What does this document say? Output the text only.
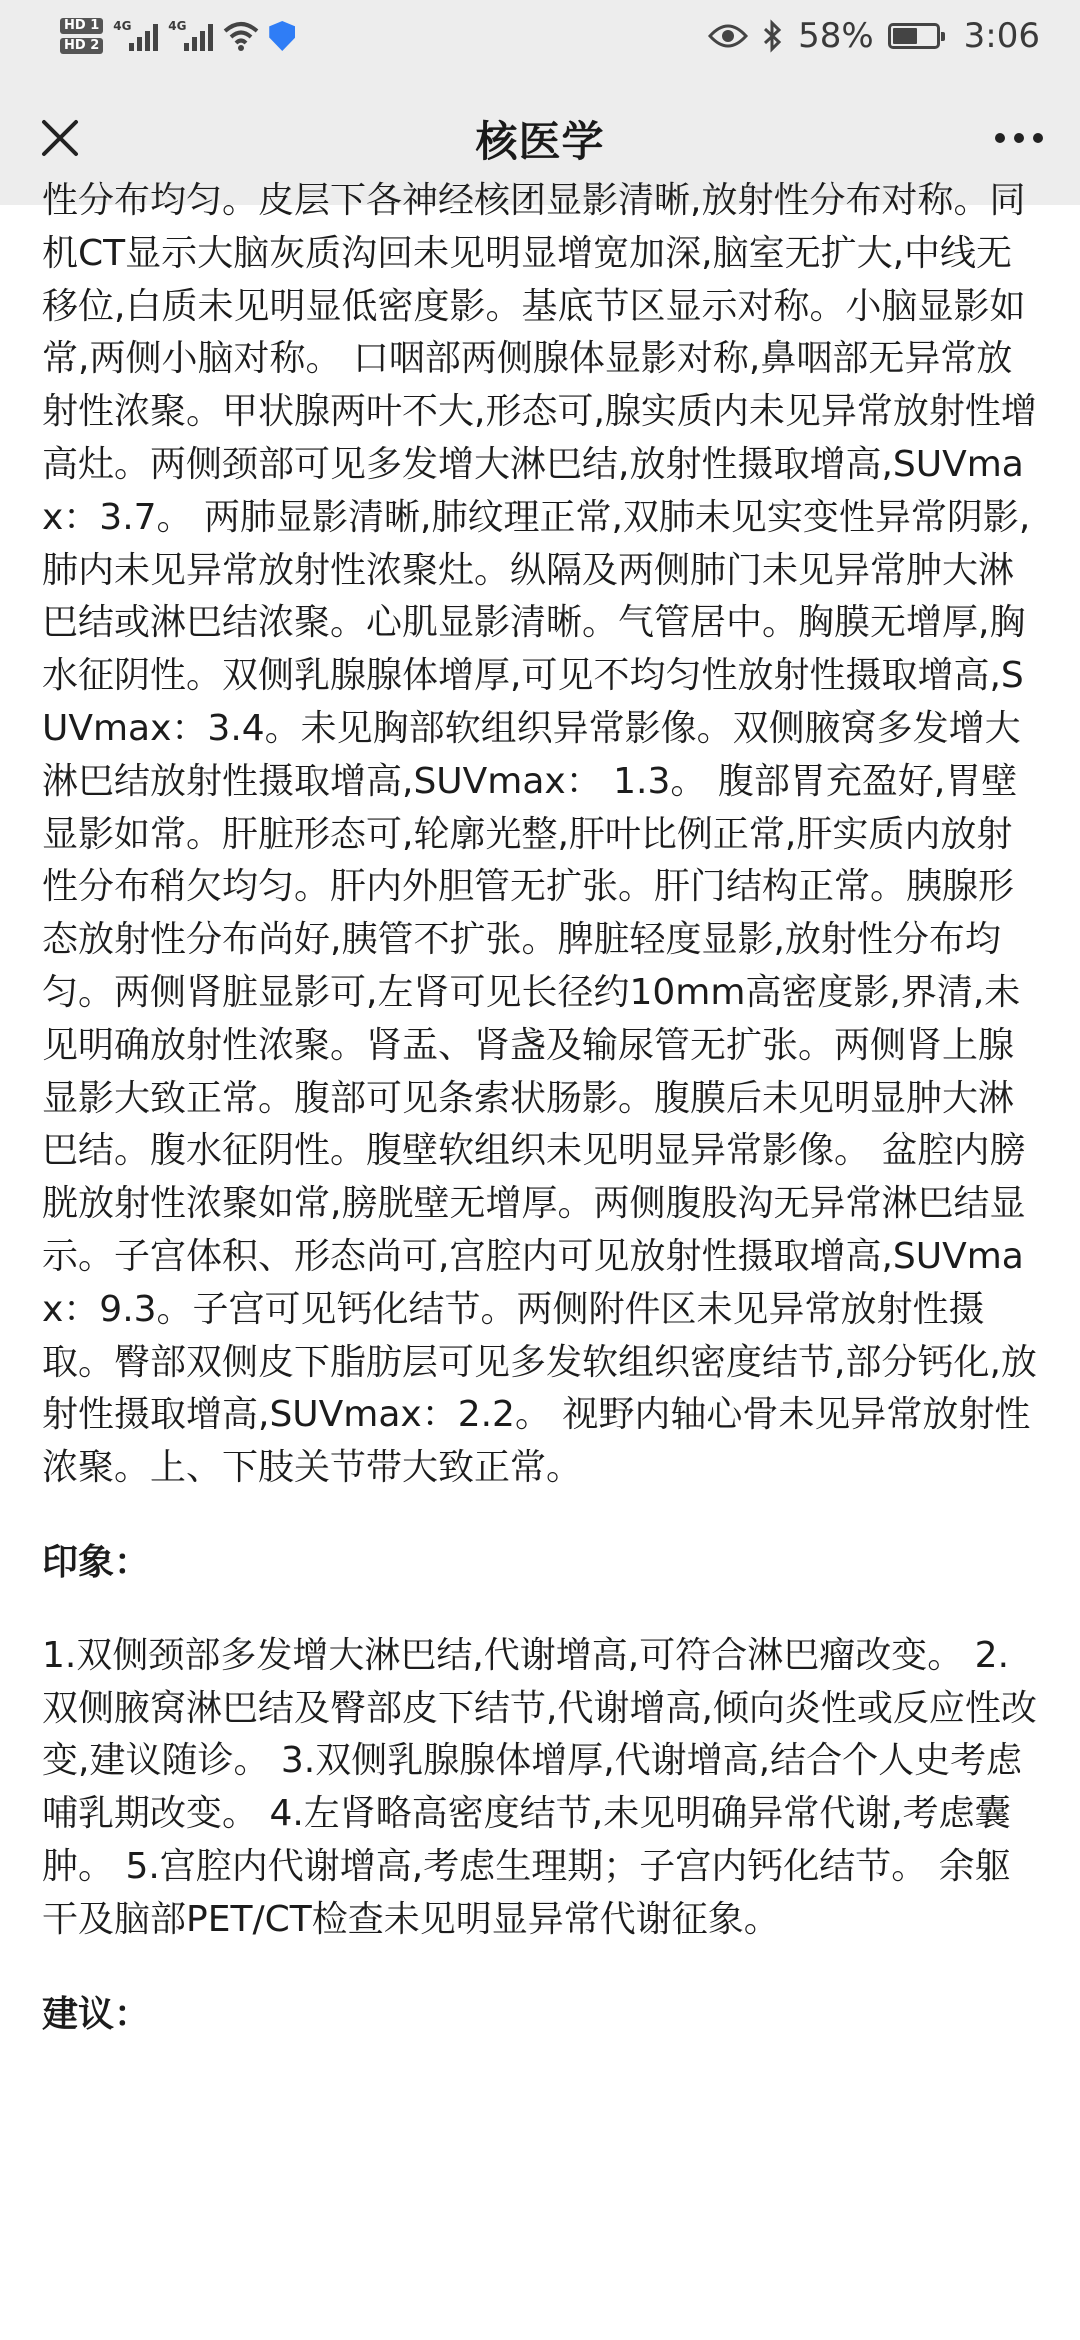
HD 1
HD 2
4G	4G	58%	3:06
核医学

性分布均匀。皮层下各神经核团显影清晰,放射性分布对称。同机CT显示大脑灰质沟回未见明显增宽加深,脑室无扩大,中线无移位,白质未见明显低密度影。基底节区显示对称。小脑显影如常,两侧小脑对称。 口咽部两侧腺体显影对称,鼻咽部无异常放射性浓聚。甲状腺两叶不大,形态可,腺实质内未见异常放射性增高灶。两侧颈部可见多发增大淋巴结,放射性摄取增高,SUVmax：3.7。 两肺显影清晰,肺纹理正常,双肺未见实变性异常阴影,肺内未见异常放射性浓聚灶。纵隔及两侧肺门未见异常肿大淋巴结或淋巴结浓聚。心肌显影清晰。气管居中。胸膜无增厚,胸水征阴性。双侧乳腺腺体增厚,可见不均匀性放射性摄取增高,SUVmax：3.4。未见胸部软组织异常影像。双侧腋窝多发增大淋巴结放射性摄取增高,SUVmax： 1.3。 腹部胃充盈好,胃壁显影如常。肝脏形态可,轮廓光整,肝叶比例正常,肝实质内放射性分布稍欠均匀。肝内外胆管无扩张。肝门结构正常。胰腺形态放射性分布尚好,胰管不扩张。脾脏轻度显影,放射性分布均匀。两侧肾脏显影可,左肾可见长径约10mm高密度影,界清,未见明确放射性浓聚。肾盂、肾盏及输尿管无扩张。两侧肾上腺显影大致正常。腹部可见条索状肠影。腹膜后未见明显肿大淋巴结。腹水征阴性。腹壁软组织未见明显异常影像。 盆腔内膀胱放射性浓聚如常,膀胱壁无增厚。两侧腹股沟无异常淋巴结显示。子宫体积、形态尚可,宫腔内可见放射性摄取增高,SUVmax：9.3。子宫可见钙化结节。两侧附件区未见异常放射性摄取。臀部双侧皮下脂肪层可见多发软组织密度结节,部分钙化,放射性摄取增高,SUVmax：2.2。 视野内轴心骨未见异常放射性浓聚。上、下肢关节带大致正常。

印象：

1.双侧颈部多发增大淋巴结,代谢增高,可符合淋巴瘤改变。 2.双侧腋窝淋巴结及臀部皮下结节,代谢增高,倾向炎性或反应性改变,建议随诊。 3.双侧乳腺腺体增厚,代谢增高,结合个人史考虑哺乳期改变。 4.左肾略高密度结节,未见明确异常代谢,考虑囊肿。 5.宫腔内代谢增高,考虑生理期；子宫内钙化结节。 余躯干及脑部PET/CT检查未见明显异常代谢征象。

建议：
